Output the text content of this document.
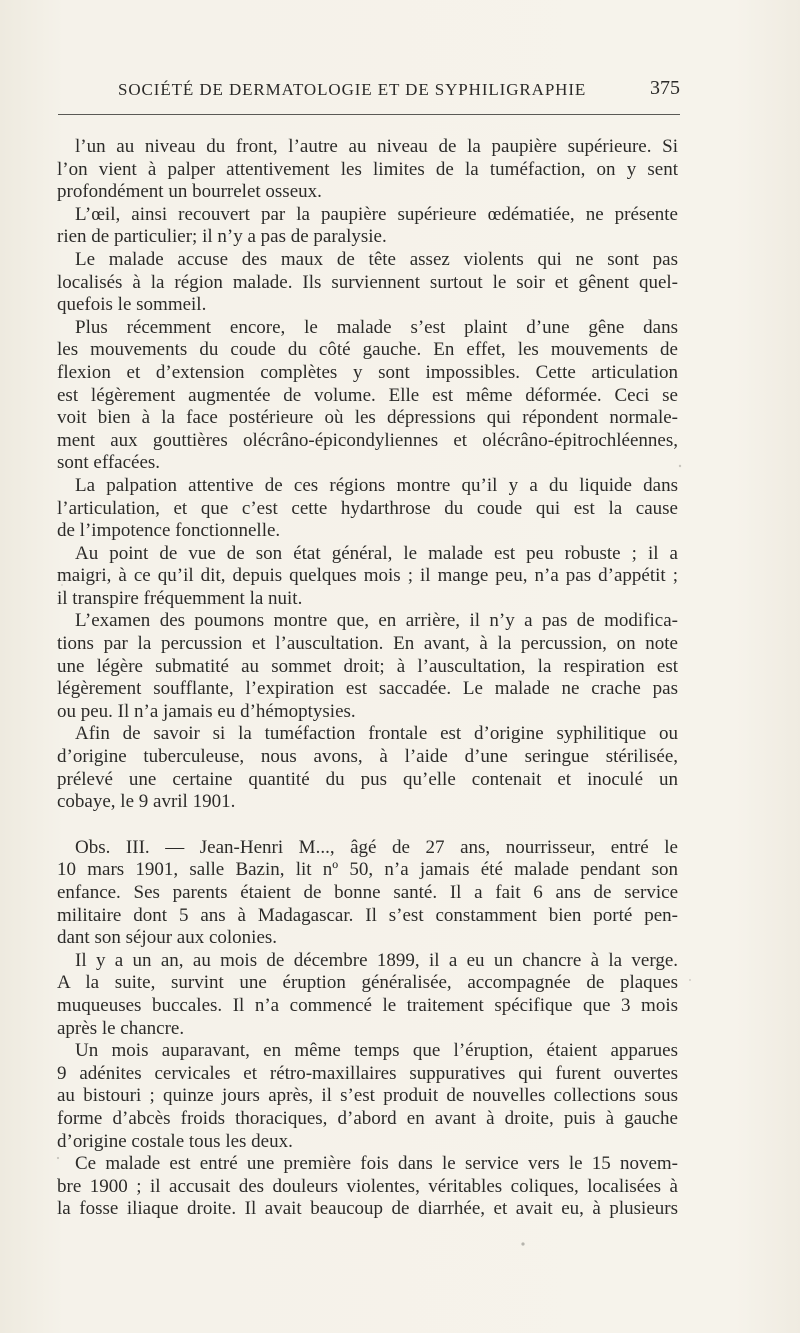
SOCIÉTÉ DE DERMATOLOGIE ET DE SYPHILIGRAPHIE	375
l’un au niveau du front, l’autre au niveau de la paupière supérieure. Si
l’on vient à palper attentivement les limites de la tuméfaction, on y sent
profondément un bourrelet osseux.
L’œil, ainsi recouvert par la paupière supérieure œdématiée, ne présente
rien de particulier; il n’y a pas de paralysie.
Le malade accuse des maux de tête assez violents qui ne sont pas
localisés à la région malade. Ils surviennent surtout le soir et gênent quel-
quefois le sommeil.
Plus récemment encore, le malade s’est plaint d’une gêne dans
les mouvements du coude du côté gauche. En effet, les mouvements de
flexion et d’extension complètes y sont impossibles. Cette articulation
est légèrement augmentée de volume. Elle est même déformée. Ceci se
voit bien à la face postérieure où les dépressions qui répondent normale-
ment aux gouttières olécrâno-épicondyliennes et olécrâno-épitrochléennes,
sont effacées.
La palpation attentive de ces régions montre qu’il y a du liquide dans
l’articulation, et que c’est cette hydarthrose du coude qui est la cause
de l’impotence fonctionnelle.
Au point de vue de son état général, le malade est peu robuste ; il a
maigri, à ce qu’il dit, depuis quelques mois ; il mange peu, n’a pas d’appétit ;
il transpire fréquemment la nuit.
L’examen des poumons montre que, en arrière, il n’y a pas de modifica-
tions par la percussion et l’auscultation. En avant, à la percussion, on note
une légère submatité au sommet droit; à l’auscultation, la respiration est
légèrement soufflante, l’expiration est saccadée. Le malade ne crache pas
ou peu. Il n’a jamais eu d’hémoptysies.
Afin de savoir si la tuméfaction frontale est d’origine syphilitique ou
d’origine tuberculeuse, nous avons, à l’aide d’une seringue stérilisée,
prélevé une certaine quantité du pus qu’elle contenait et inoculé un
cobaye, le 9 avril 1901.
Obs. III. — Jean-Henri M..., âgé de 27 ans, nourrisseur, entré le
10 mars 1901, salle Bazin, lit nº 50, n’a jamais été malade pendant son
enfance. Ses parents étaient de bonne santé. Il a fait 6 ans de service
militaire dont 5 ans à Madagascar. Il s’est constamment bien porté pen-
dant son séjour aux colonies.
Il y a un an, au mois de décembre 1899, il a eu un chancre à la verge.
A la suite, survint une éruption généralisée, accompagnée de plaques
muqueuses buccales. Il n’a commencé le traitement spécifique que 3 mois
après le chancre.
Un mois auparavant, en même temps que l’éruption, étaient apparues
9 adénites cervicales et rétro-maxillaires suppuratives qui furent ouvertes
au bistouri ; quinze jours après, il s’est produit de nouvelles collections sous
forme d’abcès froids thoraciques, d’abord en avant à droite, puis à gauche
d’origine costale tous les deux.
Ce malade est entré une première fois dans le service vers le 15 novem-
bre 1900 ; il accusait des douleurs violentes, véritables coliques, localisées à
la fosse iliaque droite. Il avait beaucoup de diarrhée, et avait eu, à plusieurs
